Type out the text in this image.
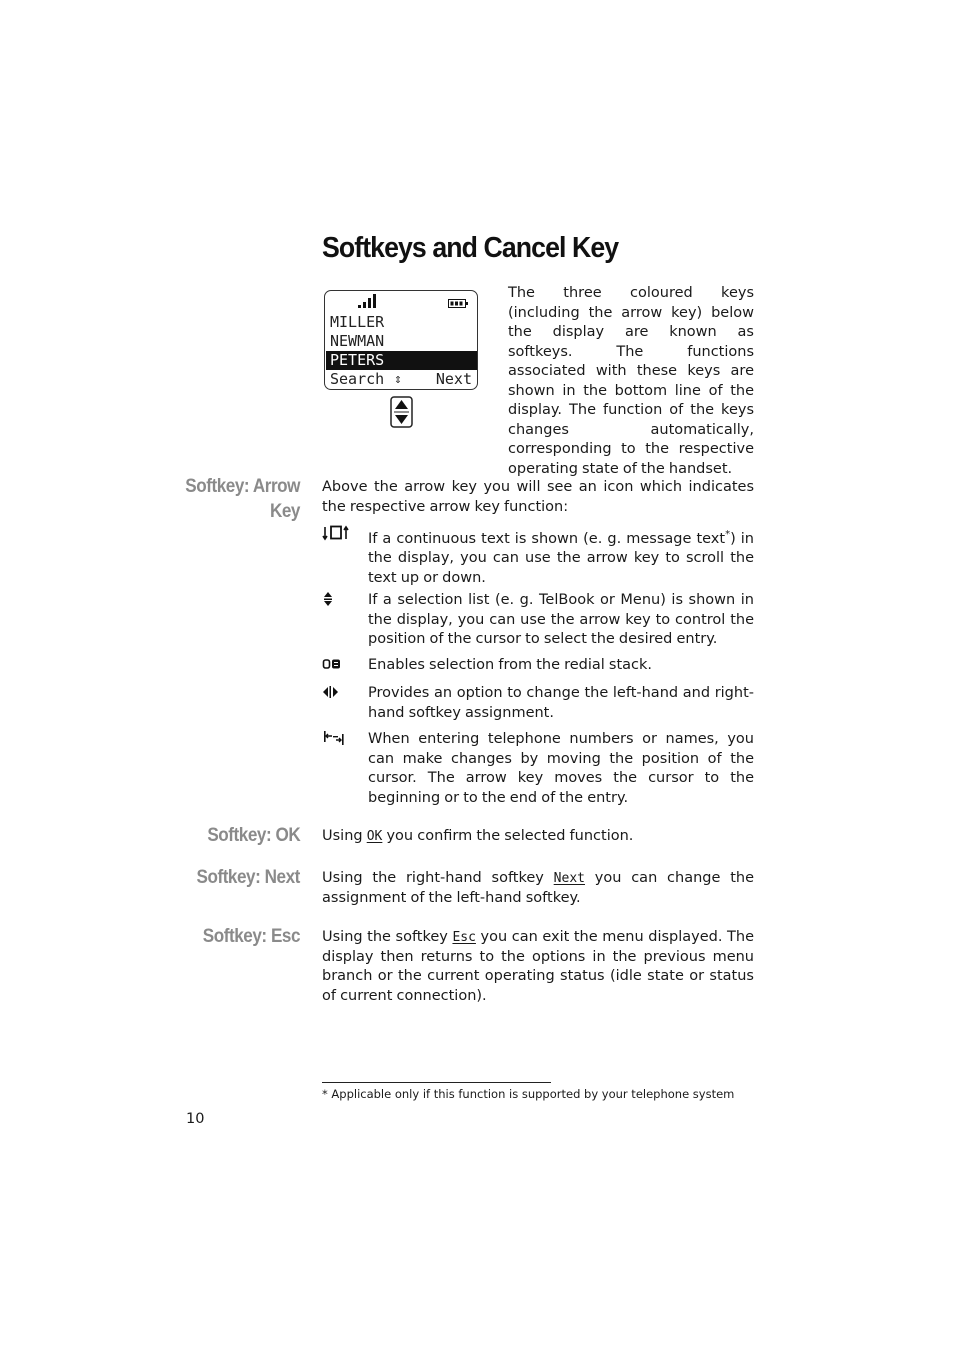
Softkeys and Cancel Key
MILLER
NEWMAN
PETERS
Search ⇕ Next

The three coloured keys (including the arrow key) below the display are known as softkeys. The functions associated with these keys are shown in the bottom line of the display. The function of the keys changes automatically, corresponding to the respective operating state of the handset.

Softkey: Arrow Key

Above the arrow key you will see an icon which indicates the respective arrow key function:

If a continuous text is shown (e. g. message text*) in the display, you can use the arrow key to scroll the text up or down.

If a selection list (e. g. TelBook or Menu) is shown in the display, you can use the arrow key to control the position of the cursor to select the desired entry.

Enables selection from the redial stack.

Provides an option to change the left-hand and right-hand softkey assignment.

When entering telephone numbers or names, you can make changes by moving the position of the cursor. The arrow key moves the cursor to the beginning or to the end of the entry.

Softkey: OK Using OK you confirm the selected function.

Softkey: Next Using the right-hand softkey Next you can change the assignment of the left-hand softkey.

Softkey: Esc Using the softkey Esc you can exit the menu displayed. The display then returns to the options in the previous menu branch or the current operating status (idle state or status of current connection).

* Applicable only if this function is supported by your telephone system
10
